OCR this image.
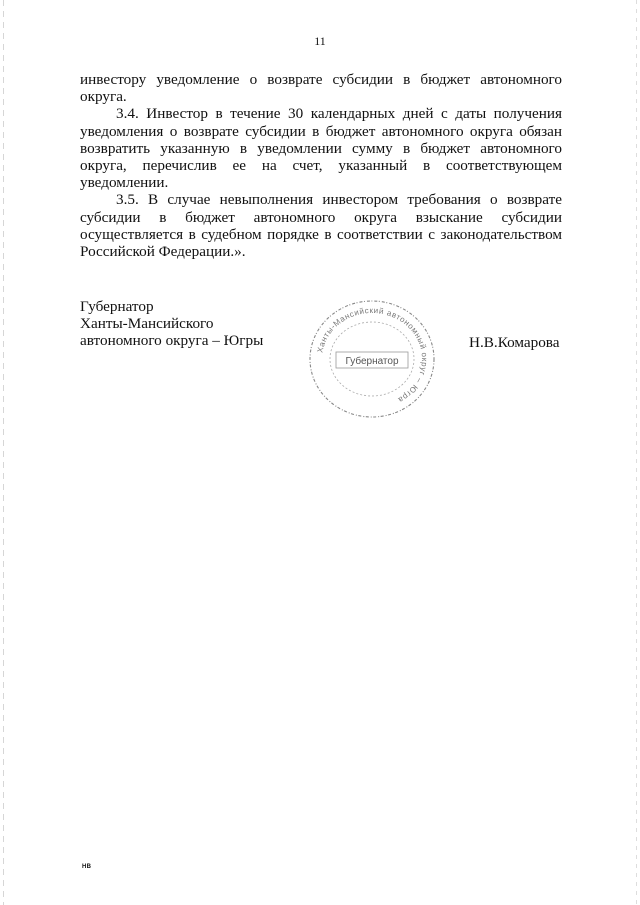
11

инвестору уведомление о возврате субсидии в бюджет автономного округа.

3.4. Инвестор в течение 30 календарных дней с даты получения уведомления о возврате субсидии в бюджет автономного округа обязан возвратить указанную в уведомлении сумму в бюджет автономного округа, перечислив ее на счет, указанный в соответствующем уведомлении.

3.5. В случае невыполнения инвестором требования о возврате субсидии в бюджет автономного округа взыскание субсидии осуществляется в судебном порядке в соответствии с законодательством Российской Федерации.».

Губернатор
Ханты-Мансийского
автономного округа – Югры
Ханты-Мансийский автономный округ – Югра
Губернатор
Н.В.Комарова
НВ
